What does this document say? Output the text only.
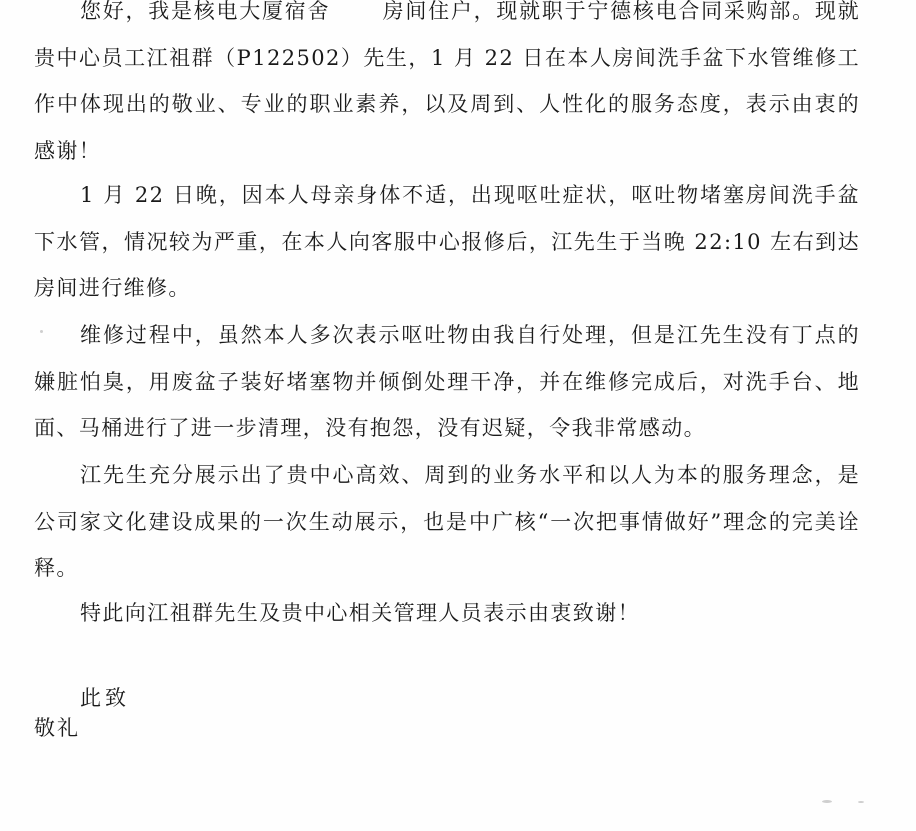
您好，我是核电大厦宿舍 房间住户，现就职于宁德核电合同采购部。现就贵中心员工江祖群（P122502）先生，1 月 22 日在本人房间洗手盆下水管维修工作中体现出的敬业、专业的职业素养，以及周到、人性化的服务态度，表示由衷的感谢！

1 月 22 日晚，因本人母亲身体不适，出现呕吐症状，呕吐物堵塞房间洗手盆下水管，情况较为严重，在本人向客服中心报修后，江先生于当晚 22:10 左右到达房间进行维修。

维修过程中，虽然本人多次表示呕吐物由我自行处理，但是江先生没有丁点的嫌脏怕臭，用废盆子装好堵塞物并倾倒处理干净，并在维修完成后，对洗手台、地面、马桶进行了进一步清理，没有抱怨，没有迟疑，令我非常感动。

江先生充分展示出了贵中心高效、周到的业务水平和以人为本的服务理念，是公司家文化建设成果的一次生动展示，也是中广核“一次把事情做好”理念的完美诠释。

特此向江祖群先生及贵中心相关管理人员表示由衷致谢！

此致

敬礼
